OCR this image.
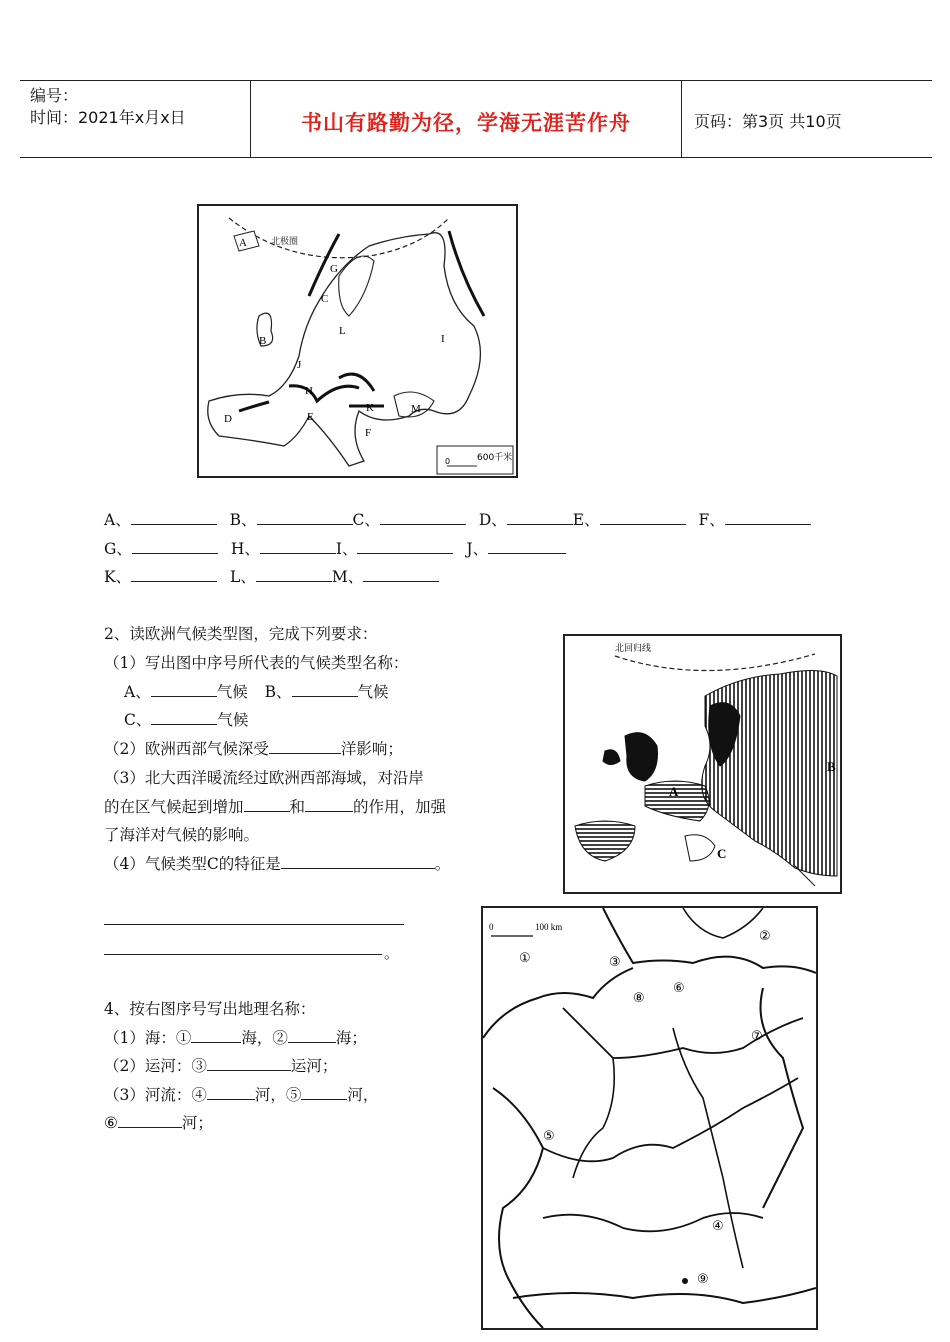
编号：
时间：2021年x月x日	书山有路勤为径，学海无涯苦作舟	页码：第3页 共10页
北极圈
A
B
C
D	E
F
G
H
I
J
K
L
M
0	600千米
A、	B、	C、	D、	E、	F、
G、	H、	I、	J、
K、	L、	M、
2、读欧洲气候类型图，完成下列要求：
（1）写出图中序号所代表的气候类型名称：
A、	气候 B、	气候
C、	气候
（2）欧洲西部气候深受	洋影响；
（3）北大西洋暖流经过欧洲西部海域，对沿岸
的在区气候起到增加	和	的作用，加强
了海洋对气候的影响。
（4）气候类型C的特征是	。
。
北回归线
A
B
C
4、按右图序号写出地理名称：
（1）海：①	海，②	海；
（2）运河：③	运河；
（3）河流：④	河，⑤	河，
⑥	河；
0	100 km
①
②
③
④
⑤
⑥
⑦
⑧
⑨
